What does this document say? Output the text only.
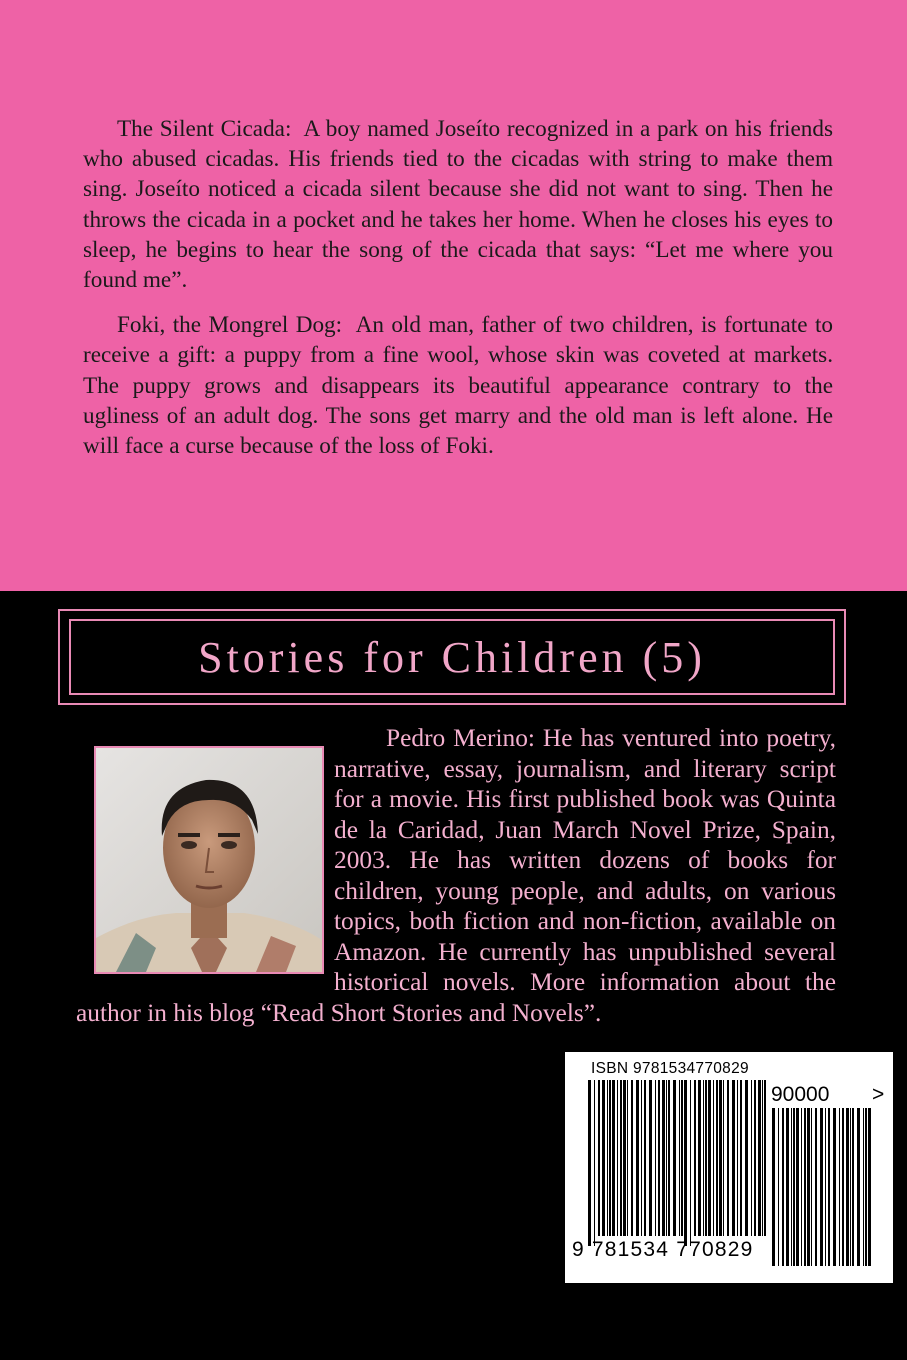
The Silent Cicada: A boy named Joseíto recognized in a park on his friends who abused cicadas. His friends tied to the cicadas with string to make them sing. Joseíto noticed a cicada silent because she did not want to sing. Then he throws the cicada in a pocket and he takes her home. When he closes his eyes to sleep, he begins to hear the song of the cicada that says: “Let me where you found me”.

Foki, the Mongrel Dog: An old man, father of two children, is fortunate to receive a gift: a puppy from a fine wool, whose skin was coveted at markets. The puppy grows and disappears its beautiful appearance contrary to the ugliness of an adult dog. The sons get marry and the old man is left alone. He will face a curse because of the loss of Foki.

Stories for Children (5)
Pedro Merino: He has ventured into poetry, narrative, essay, journalism, and literary script for a movie. His first published book was Quinta de la Caridad, Juan March Novel Prize, Spain, 2003. He has written dozens of books for children, young people, and adults, on various topics, both fiction and non-fiction, available on Amazon. He currently has unpublished several historical novels. More information about the author in his blog “Read Short Stories and Novels”.
ISBN 9781534770829
90000 >
9 781534 770829
